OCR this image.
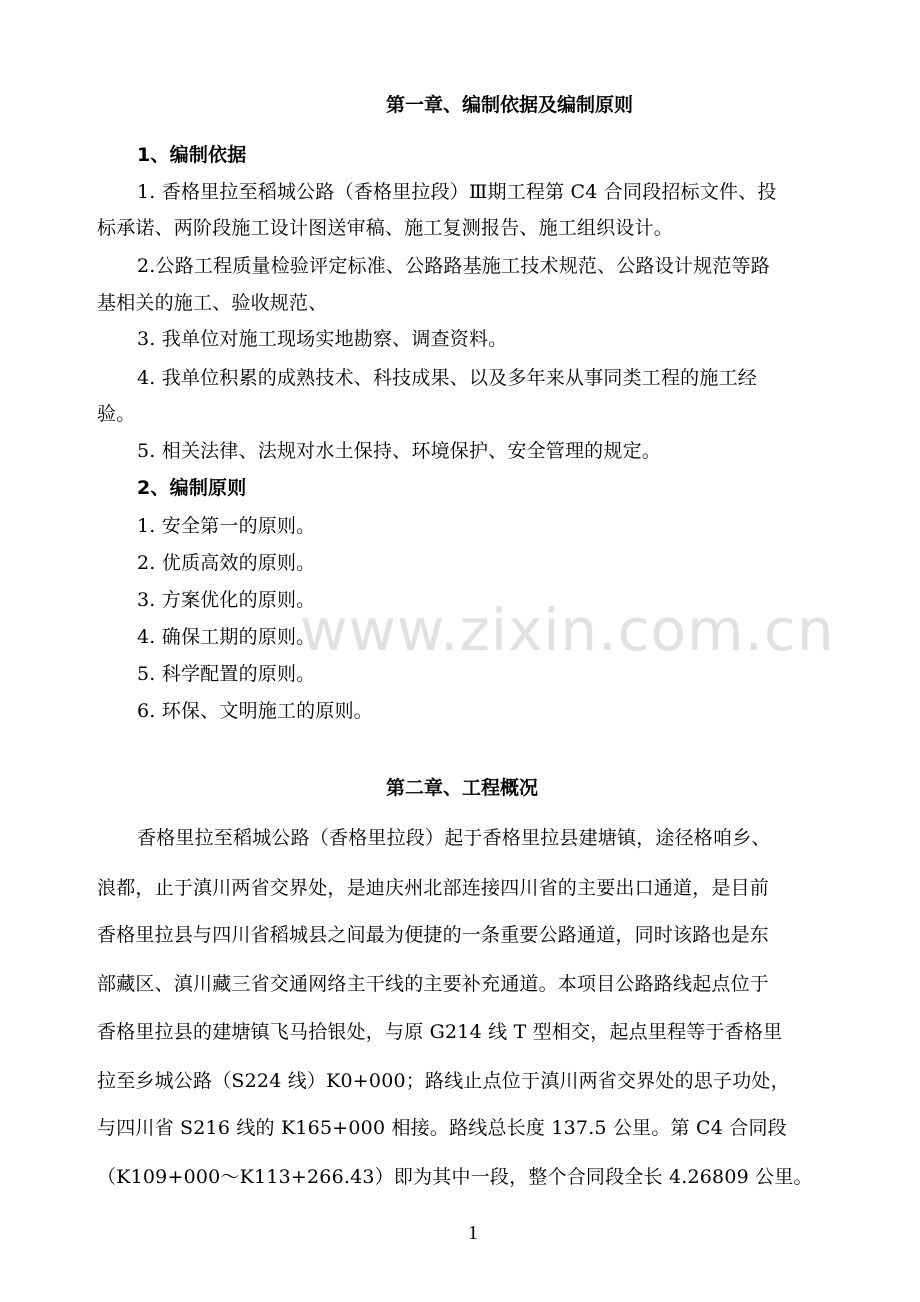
第一章、编制依据及编制原则
1、编制依据
1. 香格里拉至稻城公路（香格里拉段）Ⅲ期工程第 C4 合同段招标文件、投
标承诺、两阶段施工设计图送审稿、施工复测报告、施工组织设计。
2.公路工程质量检验评定标准、公路路基施工技术规范、公路设计规范等路
基相关的施工、验收规范、
3. 我单位对施工现场实地勘察、调查资料。
4. 我单位积累的成熟技术、科技成果、以及多年来从事同类工程的施工经
验。
5. 相关法律、法规对水土保持、环境保护、安全管理的规定。
2、编制原则
1. 安全第一的原则。
2. 优质高效的原则。
3. 方案优化的原则。
4. 确保工期的原则。
5. 科学配置的原则。
6. 环保、文明施工的原则。
第二章、工程概况
香格里拉至稻城公路（香格里拉段）起于香格里拉县建塘镇，途径格咱乡、
浪都，止于滇川两省交界处，是迪庆州北部连接四川省的主要出口通道，是目前
香格里拉县与四川省稻城县之间最为便捷的一条重要公路通道，同时该路也是东
部藏区、滇川藏三省交通网络主干线的主要补充通道。本项目公路路线起点位于
香格里拉县的建塘镇飞马拾银处，与原 G214 线 T 型相交，起点里程等于香格里
拉至乡城公路（S224 线）K0+000；路线止点位于滇川两省交界处的思子功处，
与四川省 S216 线的 K165+000 相接。路线总长度 137.5 公里。第 C4 合同段
（K109+000～K113+266.43）即为其中一段，整个合同段全长 4.26809 公里。
www.zixin.com.cn
1
